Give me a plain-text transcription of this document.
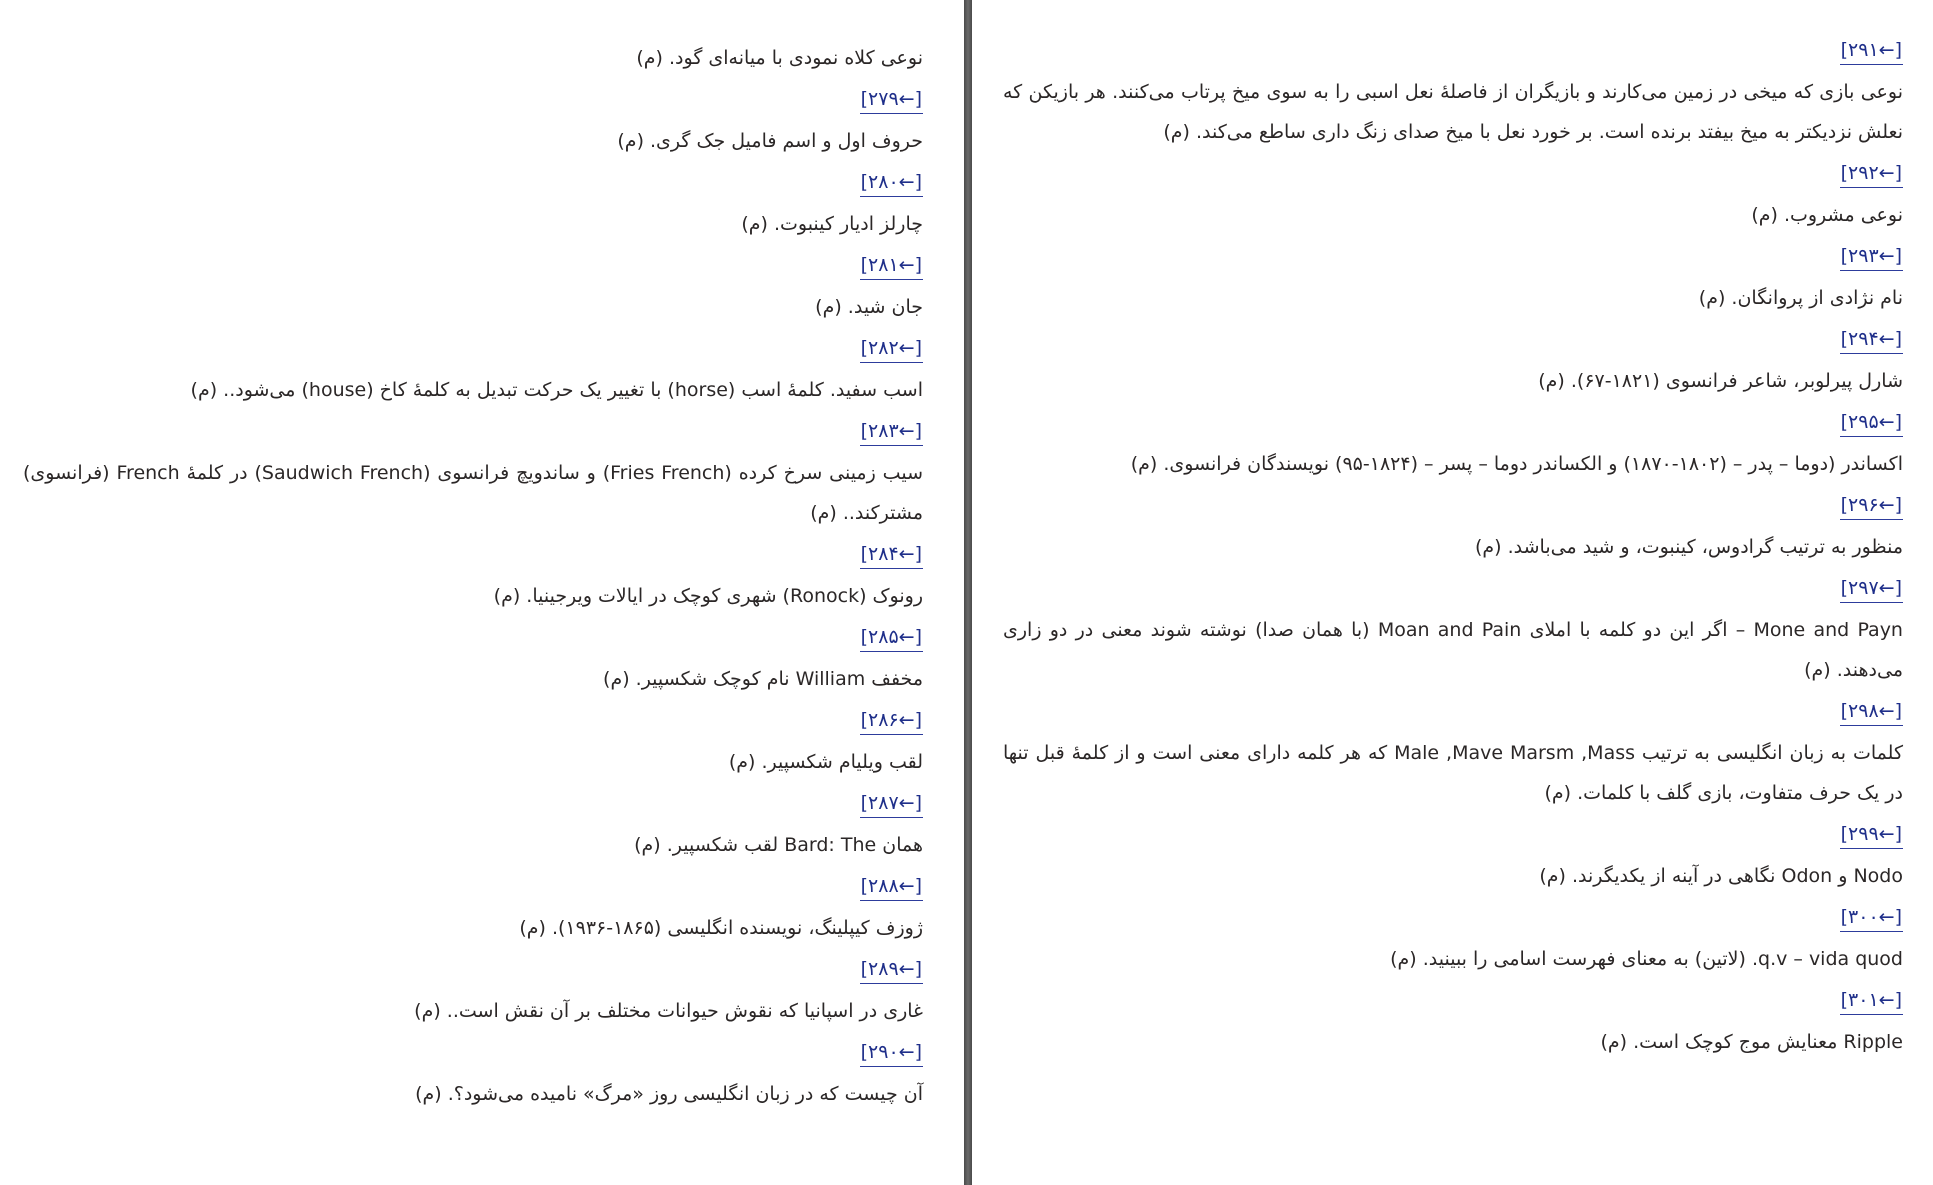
نوعی کلاه نمودی با میانه‌ای گود. (م)

[←۲۷۹]

حروف اول و اسم فامیل جک گری. (م)

[←۲۸۰]

چارلز ادیار کینبوت. (م)

[←۲۸۱]

جان شید. (م)

[←۲۸۲]

اسب سفید. کلمهٔ اسب (horse) با تغییر یک حرکت تبدیل به کلمهٔ کاخ (house) می‌شود.. (م)

[←۲۸۳]

سیب زمینی سرخ کرده (Fries French) و ساندویچ فرانسوی (Saudwich French) در کلمهٔ French (فرانسوی) مشترکند.. (م)

[←۲۸۴]

رونوک (Ronock) شهری کوچک در ایالات ویرجینیا. (م)

[←۲۸۵]

مخفف William نام کوچک شکسپیر. (م)

[←۲۸۶]

لقب ویلیام شکسپیر. (م)

[←۲۸۷]

همان Bard: The لقب شکسپیر. (م)

[←۲۸۸]

ژوزف کیپلینگ، نویسنده انگلیسی (۱۸۶۵-۱۹۳۶). (م)

[←۲۸۹]

غاری در اسپانیا که نقوش حیوانات مختلف بر آن نقش است.. (م)

[←۲۹۰]

آن چیست که در زبان انگلیسی روز «مرگ» نامیده می‌شود؟. (م)

[←۲۹۱]

نوعی بازی که میخی در زمین می‌کارند و بازیگران از فاصلهٔ نعل اسبی را به سوی میخ پرتاب می‌کنند. هر بازیکن که نعلش نزدیکتر به میخ بیفتد برنده است. بر خورد نعل با میخ صدای زنگ داری ساطع می‌کند. (م)

[←۲۹۲]

نوعی مشروب. (م)

[←۲۹۳]

نام نژادی از پروانگان. (م)

[←۲۹۴]

شارل پیرلوبر، شاعر فرانسوی (۱۸۲۱-۶۷). (م)

[←۲۹۵]

اکساندر (دوما – پدر – (۱۸۰۲-۱۸۷۰) و الکساندر دوما – پسر – (۱۸۲۴-۹۵) نویسندگان فرانسوی. (م)

[←۲۹۶]

منظور به ترتیب گرادوس، کینبوت، و شید می‌باشد. (م)

[←۲۹۷]

Mone and Payn – اگر این دو کلمه با املای Moan and Pain (با همان صدا) نوشته شوند معنی در دو زاری می‌دهند. (م)

[←۲۹۸]

کلمات به زبان انگلیسی به ترتیب Male ,Mave Marsm ,Mass که هر کلمه دارای معنی است و از کلمهٔ قبل تنها در یک حرف متفاوت، بازی گلف با کلمات. (م)

[←۲۹۹]

Nodo و Odon نگاهی در آینه از یکدیگرند. (م)

[←۳۰۰]

q.v – vida quod. (لاتین) به معنای فهرست اسامی را ببینید. (م)

[←۳۰۱]

Ripple معنایش موج کوچک است. (م)
